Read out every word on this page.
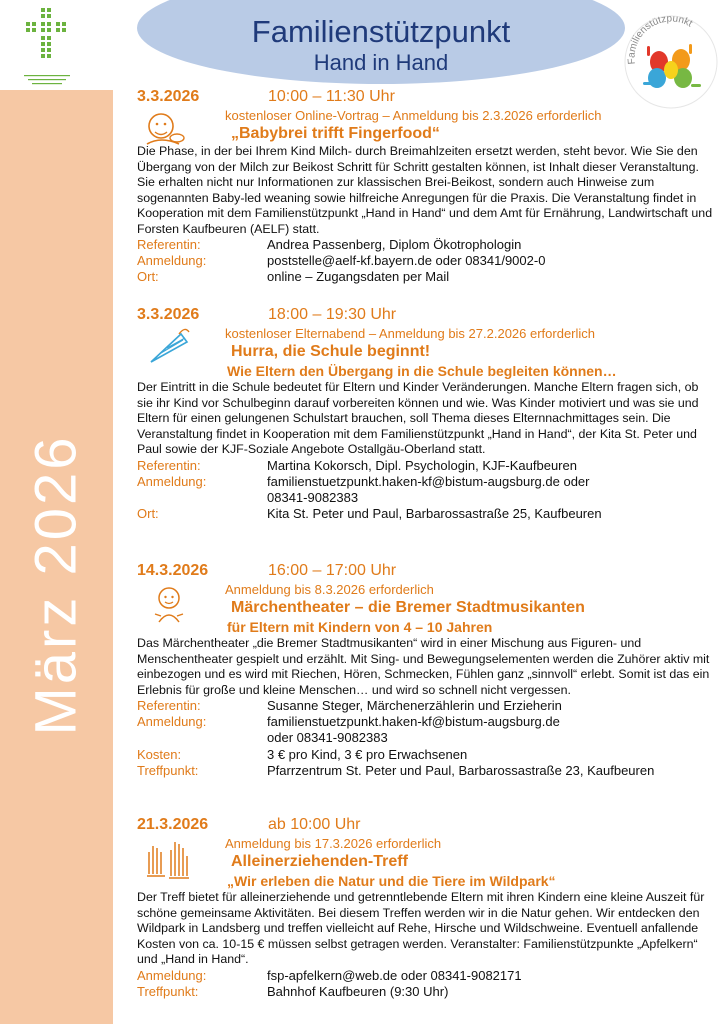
März 2026
Familienstützpunkt
Hand in Hand	Familienstützpunkt
3.3.2026	10:00 – 11:30 Uhr
kostenloser Online-Vortrag – Anmeldung bis 2.3.2026 erforderlich
„Babybrei trifft Fingerfood“

Die Phase, in der bei Ihrem Kind Milch- durch Breimahlzeiten ersetzt werden, steht bevor. Wie Sie den Übergang von der Milch zur Beikost Schritt für Schritt gestalten können, ist Inhalt dieser Veranstaltung. Sie erhalten nicht nur Informationen zur klassischen Brei-Beikost, sondern auch Hinweise zum sogenannten Baby-led weaning sowie hilfreiche Anregungen für die Praxis. Die Veranstaltung findet in Kooperation mit dem Familienstützpunkt „Hand in Hand“ und dem Amt für Ernährung, Landwirtschaft und Forsten Kaufbeuren (AELF) statt.

Referentin:	Andrea Passenberg, Diplom Ökotrophologin
Anmeldung:	poststelle@aelf-kf.bayern.de oder 08341/9002-0
Ort:	online – Zugangsdaten per Mail
3.3.2026	18:00 – 19:30 Uhr
kostenloser Elternabend – Anmeldung bis 27.2.2026 erforderlich
Hurra, die Schule beginnt!
Wie Eltern den Übergang in die Schule begleiten können…

Der Eintritt in die Schule bedeutet für Eltern und Kinder Veränderungen. Manche Eltern fragen sich, ob sie ihr Kind vor Schulbeginn darauf vorbereiten können und wie. Was Kinder motiviert und was sie und Eltern für einen gelungenen Schulstart brauchen, soll Thema dieses Elternnachmittages sein. Die Veranstaltung findet in Kooperation mit dem Familienstützpunkt „Hand in Hand“, der Kita St. Peter und Paul sowie der KJF-Soziale Angebote Ostallgäu-Oberland statt.

Referentin:	Martina Kokorsch, Dipl. Psychologin, KJF-Kaufbeuren
Anmeldung:	familienstuetzpunkt.haken-kf@bistum-augsburg.de oder
08341-9082383
Ort:	Kita St. Peter und Paul, Barbarossastraße 25, Kaufbeuren
14.3.2026	16:00 – 17:00 Uhr
Anmeldung bis 8.3.2026 erforderlich
Märchentheater – die Bremer Stadtmusikanten
für Eltern mit Kindern von 4 – 10 Jahren

Das Märchentheater „die Bremer Stadtmusikanten“ wird in einer Mischung aus Figuren- und Menschentheater gespielt und erzählt. Mit Sing- und Bewegungselementen werden die Zuhörer aktiv mit einbezogen und es wird mit Riechen, Hören, Schmecken, Fühlen ganz „sinnvoll“ erlebt. Somit ist das ein Erlebnis für große und kleine Menschen… und wird so schnell nicht vergessen.

Referentin:	Susanne Steger, Märchenerzählerin und Erzieherin
Anmeldung:	familienstuetzpunkt.haken-kf@bistum-augsburg.de
oder 08341-9082383
Kosten:	3 € pro Kind, 3 € pro Erwachsenen
Treffpunkt:	Pfarrzentrum St. Peter und Paul, Barbarossastraße 23, Kaufbeuren
21.3.2026	ab 10:00 Uhr
Anmeldung bis 17.3.2026 erforderlich
Alleinerziehenden-Treff
„Wir erleben die Natur und die Tiere im Wildpark“

Der Treff bietet für alleinerziehende und getrenntlebende Eltern mit ihren Kindern eine kleine Auszeit für schöne gemeinsame Aktivitäten. Bei diesem Treffen werden wir in die Natur gehen. Wir entdecken den Wildpark in Landsberg und treffen vielleicht auf Rehe, Hirsche und Wildschweine. Eventuell anfallende Kosten von ca. 10-15 € müssen selbst getragen werden. Veranstalter: Familienstützpunkte „Apfelkern“ und „Hand in Hand“.

Anmeldung:	fsp-apfelkern@web.de oder 08341-9082171
Treffpunkt:	Bahnhof Kaufbeuren (9:30 Uhr)
